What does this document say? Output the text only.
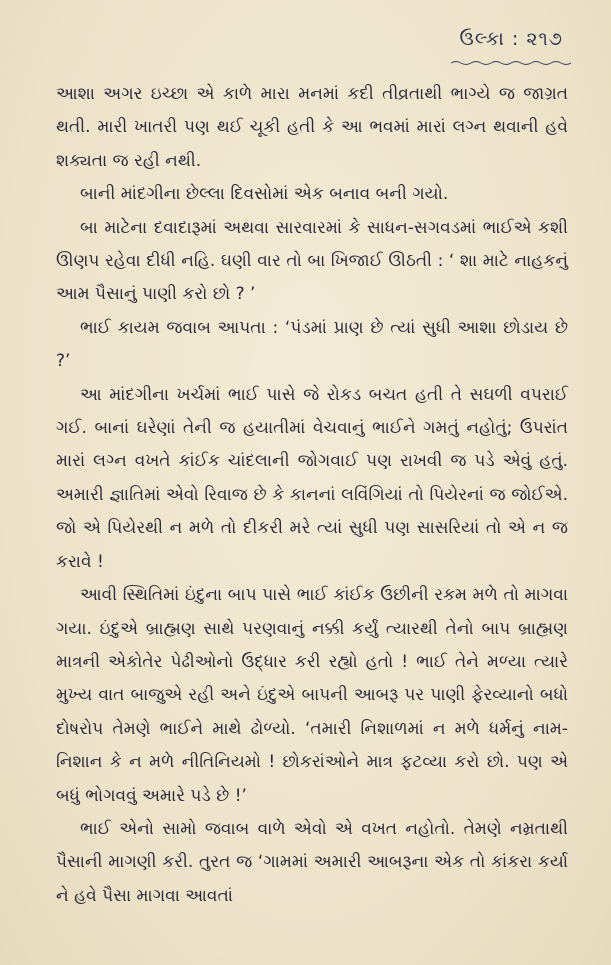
ઉલ્કા : ૨૧૭

આશા અગર ઇચ્છા એ કાળે મારા મનમાં કદી તીવ્રતાથી ભાગ્યે જ જાગ્રત થતી. મારી ખાતરી પણ થઈ ચૂકી હતી કે આ ભવમાં મારાં લગ્ન થવાની હવે શક્યતા જ રહી નથી.

બાની માંદગીના છેલ્લા દિવસોમાં એક બનાવ બની ગયો.

બા માટેના દવાદારૂમાં અથવા સારવારમાં કે સાધન-સગવડમાં ભાઈએ કશી ઊણપ રહેવા દીધી નહિ. ઘણી વાર તો બા ખિજાઈ ઊઠતી : ‘ શા માટે નાહકનું આમ પૈસાનું પાણી કરો છો ? ’

ભાઈ કાયમ જવાબ આપતા : ‘પંડમાં પ્રાણ છે ત્યાં સુધી આશા છોડાય છે ?’

આ માંદગીના ખર્ચમાં ભાઈ પાસે જે રોકડ બચત હતી તે સઘળી વપરાઈ ગઈ. બાનાં ઘરેણાં તેની જ હયાતીમાં વેચવાનું ભાઈને ગમતું નહોતું; ઉપરાંત મારાં લગ્ન વખતે કાંઈક ચાંદલાની જોગવાઈ પણ રાખવી જ પડે એવું હતું. અમારી જ્ઞાતિમાં એવો રિવાજ છે કે કાનનાં લવિંગિયાં તો પિયેરનાં જ જોઈએ. જો એ પિયેરથી ન મળે તો દીકરી મરે ત્યાં સુધી પણ સાસરિયાં તો એ ન જ કરાવે !

આવી સ્થિતિમાં ઇંદુના બાપ પાસે ભાઈ કાંઈક ઉછીની રકમ મળે તો માગવા ગયા. ઇંદુએ બ્રાહ્મણ સાથે પરણવાનું નક્કી કર્યું ત્યારથી તેનો બાપ બ્રાહ્મણ માત્રની એકોતેર પેઢીઓનો ઉદ્ધાર કરી રહ્યો હતો ! ભાઈ તેને મળ્યા ત્યારે મુખ્ય વાત બાજુએ રહી અને ઇંદુએ બાપની આબરૂ પર પાણી ફેરવ્યાનો બધો દોષરોપ તેમણે ભાઈને માથે ઢોળ્યો. ‘તમારી નિશાળમાં ન મળે ધર્મનું નામ-નિશાન કે ન મળે નીતિનિયમો ! છોકરાંઓને માત્ર ફટવ્યા કરો છો. પણ એ બધું ભોગવવું અમારે પડે છે !’

ભાઈ એનો સામો જવાબ વાળે એવો એ વખત નહોતો. તેમણે નમ્રતાથી પૈસાની માગણી કરી. તુરત જ ‘ગામમાં અમારી આબરૂના એક તો કાંકરા કર્યા ને હવે પૈસા માગવા આવતાં
